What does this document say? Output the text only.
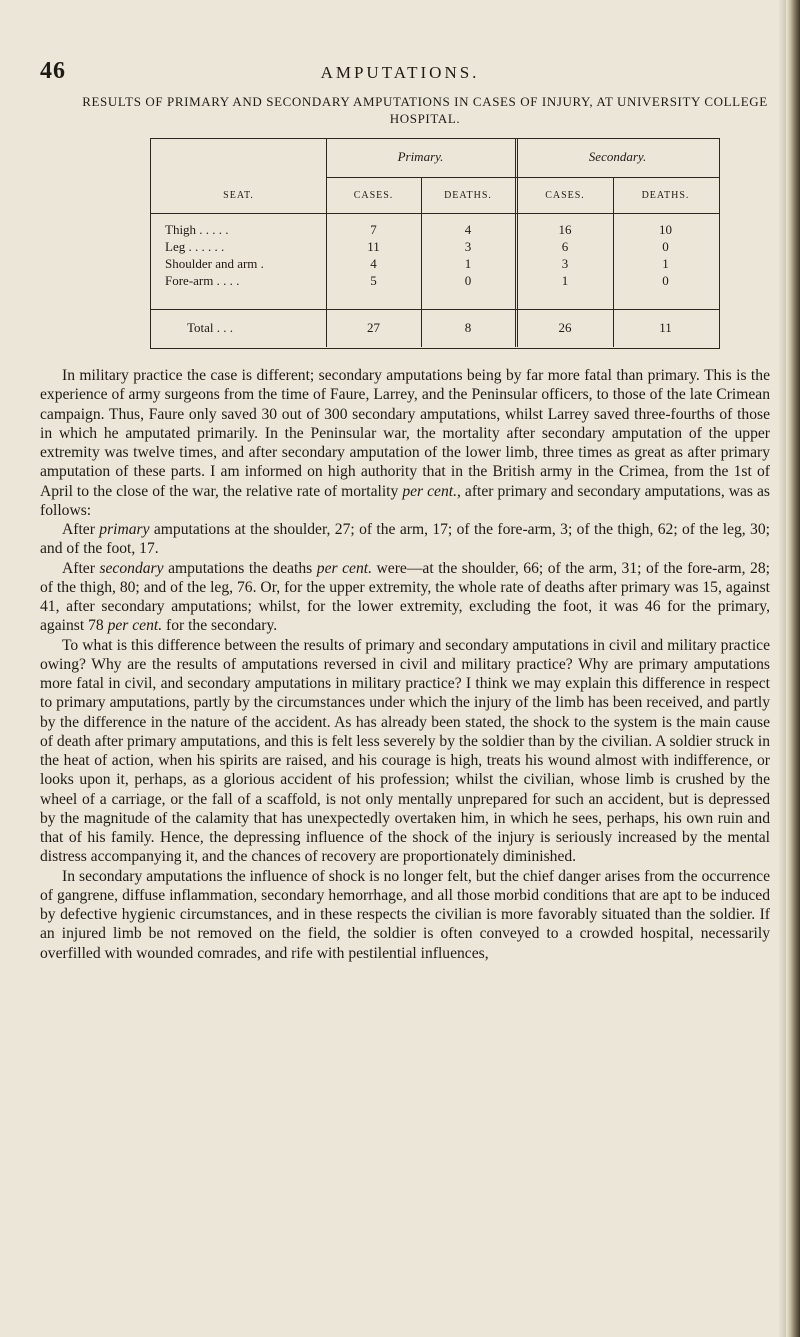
46	AMPUTATIONS.
RESULTS OF PRIMARY AND SECONDARY AMPUTATIONS IN CASES OF INJURY, AT UNIVERSITY COLLEGE HOSPITAL.
Primary.	Secondary.
SEAT.	CASES.	DEATHS.	CASES.	DEATHS.
Thigh . . . . .	7	4	16	10
Leg . . . . . .	11	3	6	0
Shoulder and arm .	4	1	3	1
Fore-arm . . . .	5	0	1	0
Total . . .	27	8	26	11

In military practice the case is different; secondary amputations being by far more fatal than primary. This is the experience of army surgeons from the time of Faure, Larrey, and the Peninsular officers, to those of the late Crimean campaign. Thus, Faure only saved 30 out of 300 secondary amputations, whilst Larrey saved three-fourths of those in which he amputated primarily. In the Peninsular war, the mortality after secondary amputation of the upper extremity was twelve times, and after secondary amputation of the lower limb, three times as great as after primary amputation of these parts. I am informed on high authority that in the British army in the Crimea, from the 1st of April to the close of the war, the relative rate of mortality per cent., after primary and secondary amputations, was as follows:

After primary amputations at the shoulder, 27; of the arm, 17; of the fore-arm, 3; of the thigh, 62; of the leg, 30; and of the foot, 17.

After secondary amputations the deaths per cent. were—at the shoulder, 66; of the arm, 31; of the fore-arm, 28; of the thigh, 80; and of the leg, 76. Or, for the upper extremity, the whole rate of deaths after primary was 15, against 41, after secondary amputations; whilst, for the lower extremity, excluding the foot, it was 46 for the primary, against 78 per cent. for the secondary.

To what is this difference between the results of primary and secondary amputations in civil and military practice owing? Why are the results of amputations reversed in civil and military practice? Why are primary amputations more fatal in civil, and secondary amputations in military practice? I think we may explain this difference in respect to primary amputations, partly by the circumstances under which the injury of the limb has been received, and partly by the difference in the nature of the accident. As has already been stated, the shock to the system is the main cause of death after primary amputations, and this is felt less severely by the soldier than by the civilian. A soldier struck in the heat of action, when his spirits are raised, and his courage is high, treats his wound almost with indifference, or looks upon it, perhaps, as a glorious accident of his profession; whilst the civilian, whose limb is crushed by the wheel of a carriage, or the fall of a scaffold, is not only mentally unprepared for such an accident, but is depressed by the magnitude of the calamity that has unexpectedly overtaken him, in which he sees, perhaps, his own ruin and that of his family. Hence, the depressing influence of the shock of the injury is seriously increased by the mental distress accompanying it, and the chances of recovery are proportionately diminished.

In secondary amputations the influence of shock is no longer felt, but the chief danger arises from the occurrence of gangrene, diffuse inflammation, secondary hemorrhage, and all those morbid conditions that are apt to be induced by defective hygienic circumstances, and in these respects the civilian is more favorably situated than the soldier. If an injured limb be not removed on the field, the soldier is often conveyed to a crowded hospital, necessarily overfilled with wounded comrades, and rife with pestilential influences,
